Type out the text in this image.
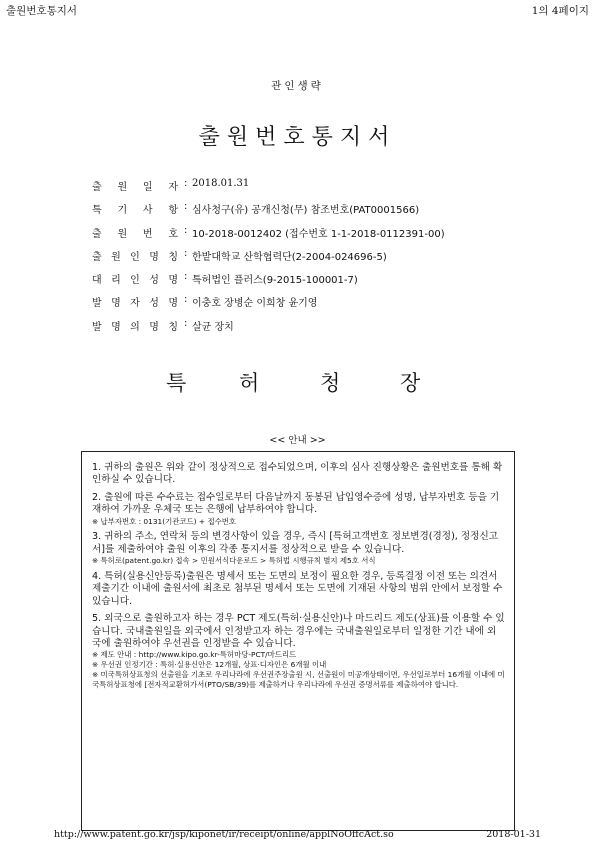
출원번호통지서	1의 4페이지
관인생략
출원번호통지서
출 원 일 자 : 2018.01.31
특 기 사 항 : 심사청구(유) 공개신청(무) 참조번호(PAT0001566)
출 원 번 호 : 10-2018-0012402 (접수번호 1-1-2018-0112391-00)
출 원 인 명 칭 : 한밭대학교 산학협력단(2-2004-024696-5)
대 리 인 성 명 : 특허법인 플러스(9-2015-100001-7)
발 명 자 성 명 : 이충호 장병순 이희창 윤기영
발 명 의 명 칭 : 살균 장치
특	허	청	장
<< 안내 >>
1. 귀하의 출원은 위와 같이 정상적으로 접수되었으며, 이후의 심사 진행상황은 출원번호를 통해 확인하실 수 있습니다.
2. 출원에 따른 수수료는 접수일로부터 다음날까지 동봉된 납입영수증에 성명, 납부자번호 등을 기재하여 가까운 우체국 또는 은행에 납부하여야 합니다.
※ 납부자번호 : 0131(기관코드) + 접수번호
3. 귀하의 주소, 연락처 등의 변경사항이 있을 경우, 즉시 [특허고객번호 정보변경(경정), 정정신고서]를 제출하여야 출원 이후의 각종 통지서를 정상적으로 받을 수 있습니다.
※ 특허로(patent.go.kr) 접속 > 민원서식다운로드 > 특허법 시행규칙 별지 제5호 서식
4. 특허(실용신안등록)출원은 명세서 또는 도면의 보정이 필요한 경우, 등록결정 이전 또는 의견서 제출기간 이내에 출원서에 최초로 첨부된 명세서 또는 도면에 기재된 사항의 범위 안에서 보정할 수 있습니다.
5. 외국으로 출원하고자 하는 경우 PCT 제도(특허·실용신안)나 마드리드 제도(상표)를 이용할 수 있습니다. 국내출원일을 외국에서 인정받고자 하는 경우에는 국내출원일로부터 일정한 기간 내에 외국에 출원하여야 우선권을 인정받을 수 있습니다.
※ 제도 안내 : http://www.kipo.go.kr-특허마당-PCT/마드리드
※ 우선권 인정기간 : 특허·실용신안은 12개월, 상표·디자인은 6개월 이내
※ 미국특허상표청의 선출원을 기초로 우리나라에 우선권주장출원 시, 선출원이 미공개상태이면, 우선일로부터 16개월 이내에 미국특허상표청에 [전자적교환허가서(PTO/SB/39)를 제출하거나 우리나라에 우선권 증명서류를 제출하여야 합니다.
http://www.patent.go.kr/jsp/kiponet/ir/receipt/online/applNoOffcAct.so	2018-01-31
